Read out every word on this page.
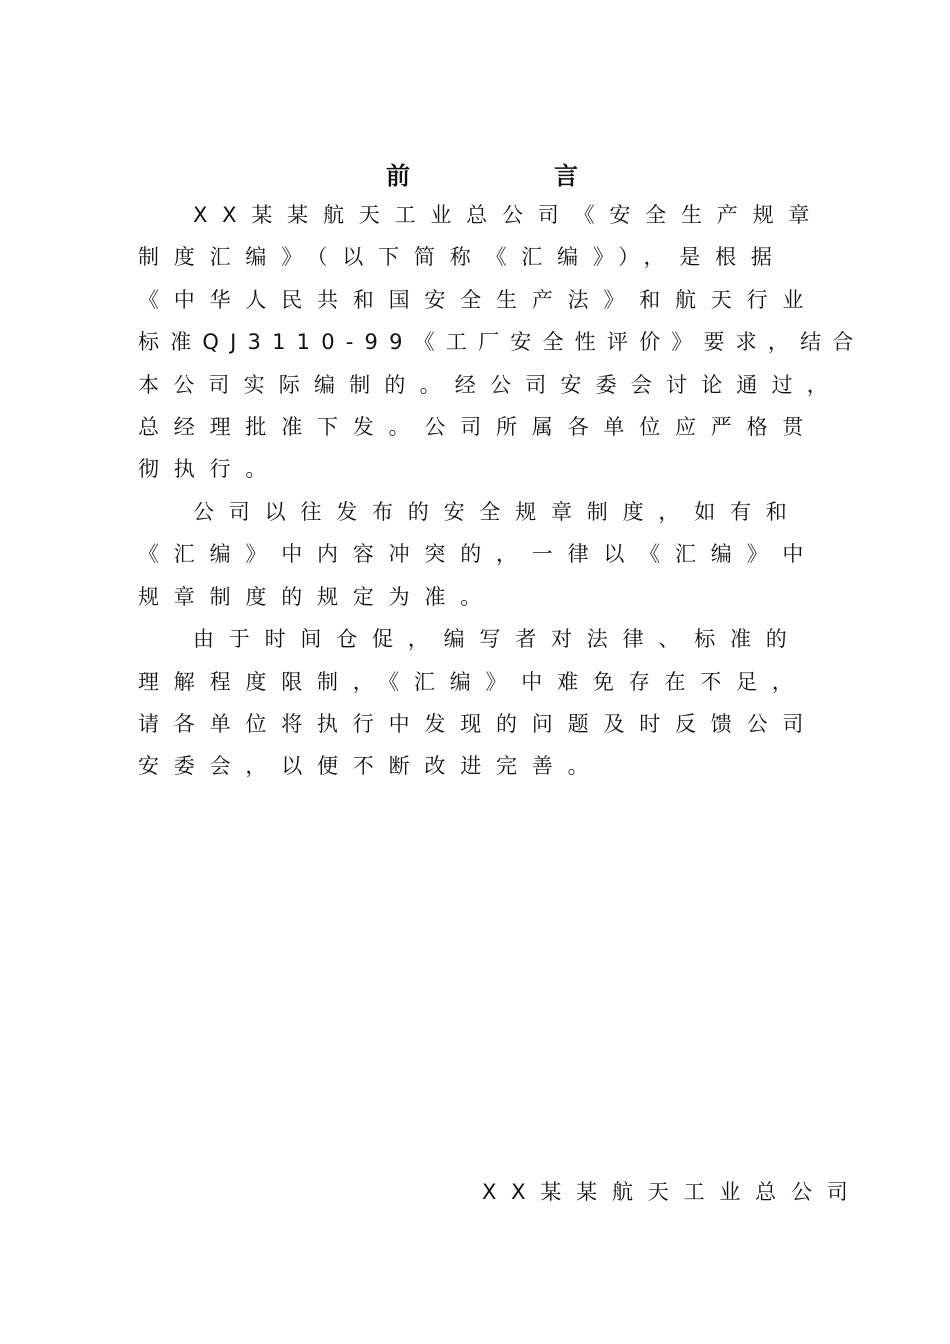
前	言
XX某某航天工业总公司《安全生产规章
制度汇编》（以下简称《汇编》），是根据
《中华人民共和国安全生产法》和航天行业
标准QJ3110-99《工厂安全性评价》要求，结合
本公司实际编制的。经公司安委会讨论通过，
总经理批准下发。公司所属各单位应严格贯
彻执行。
公司以往发布的安全规章制度，如有和
《汇编》中内容冲突的，一律以《汇编》中
规章制度的规定为准。
由于时间仓促，编写者对法律、标准的
理解程度限制，《汇编》中难免存在不足，
请各单位将执行中发现的问题及时反馈公司
安委会，以便不断改进完善。
XX某某航天工业总公司
